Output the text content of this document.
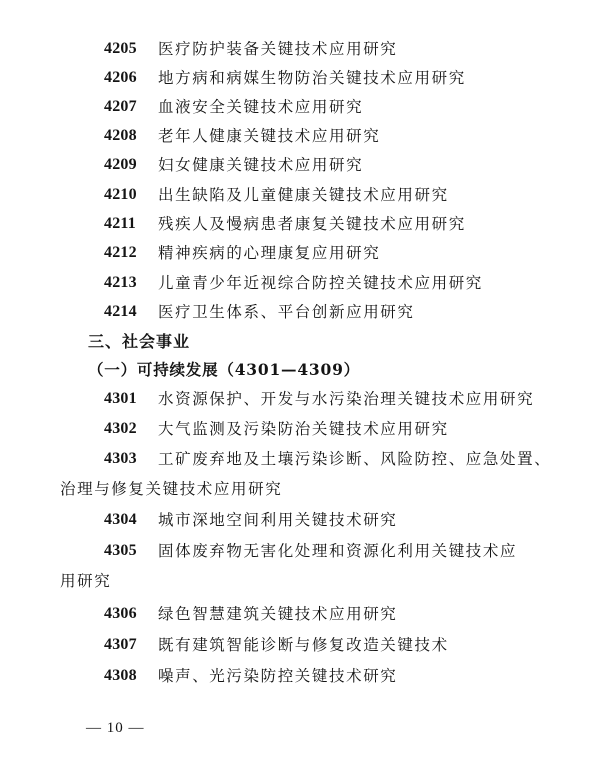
4205 医疗防护装备关键技术应用研究
4206 地方病和病媒生物防治关键技术应用研究
4207 血液安全关键技术应用研究
4208 老年人健康关键技术应用研究
4209 妇女健康关键技术应用研究
4210 出生缺陷及儿童健康关键技术应用研究
4211 残疾人及慢病患者康复关键技术应用研究
4212 精神疾病的心理康复应用研究
4213 儿童青少年近视综合防控关键技术应用研究
4214 医疗卫生体系、平台创新应用研究
三、社会事业
（一）可持续发展（4301—4309）
4301 水资源保护、开发与水污染治理关键技术应用研究
4302 大气监测及污染防治关键技术应用研究
4303 工矿废弃地及土壤污染诊断、风险防控、应急处置、
治理与修复关键技术应用研究
4304 城市深地空间利用关键技术研究
4305 固体废弃物无害化处理和资源化利用关键技术应
用研究
4306 绿色智慧建筑关键技术应用研究
4307 既有建筑智能诊断与修复改造关键技术
4308 噪声、光污染防控关键技术研究
— 10 —
